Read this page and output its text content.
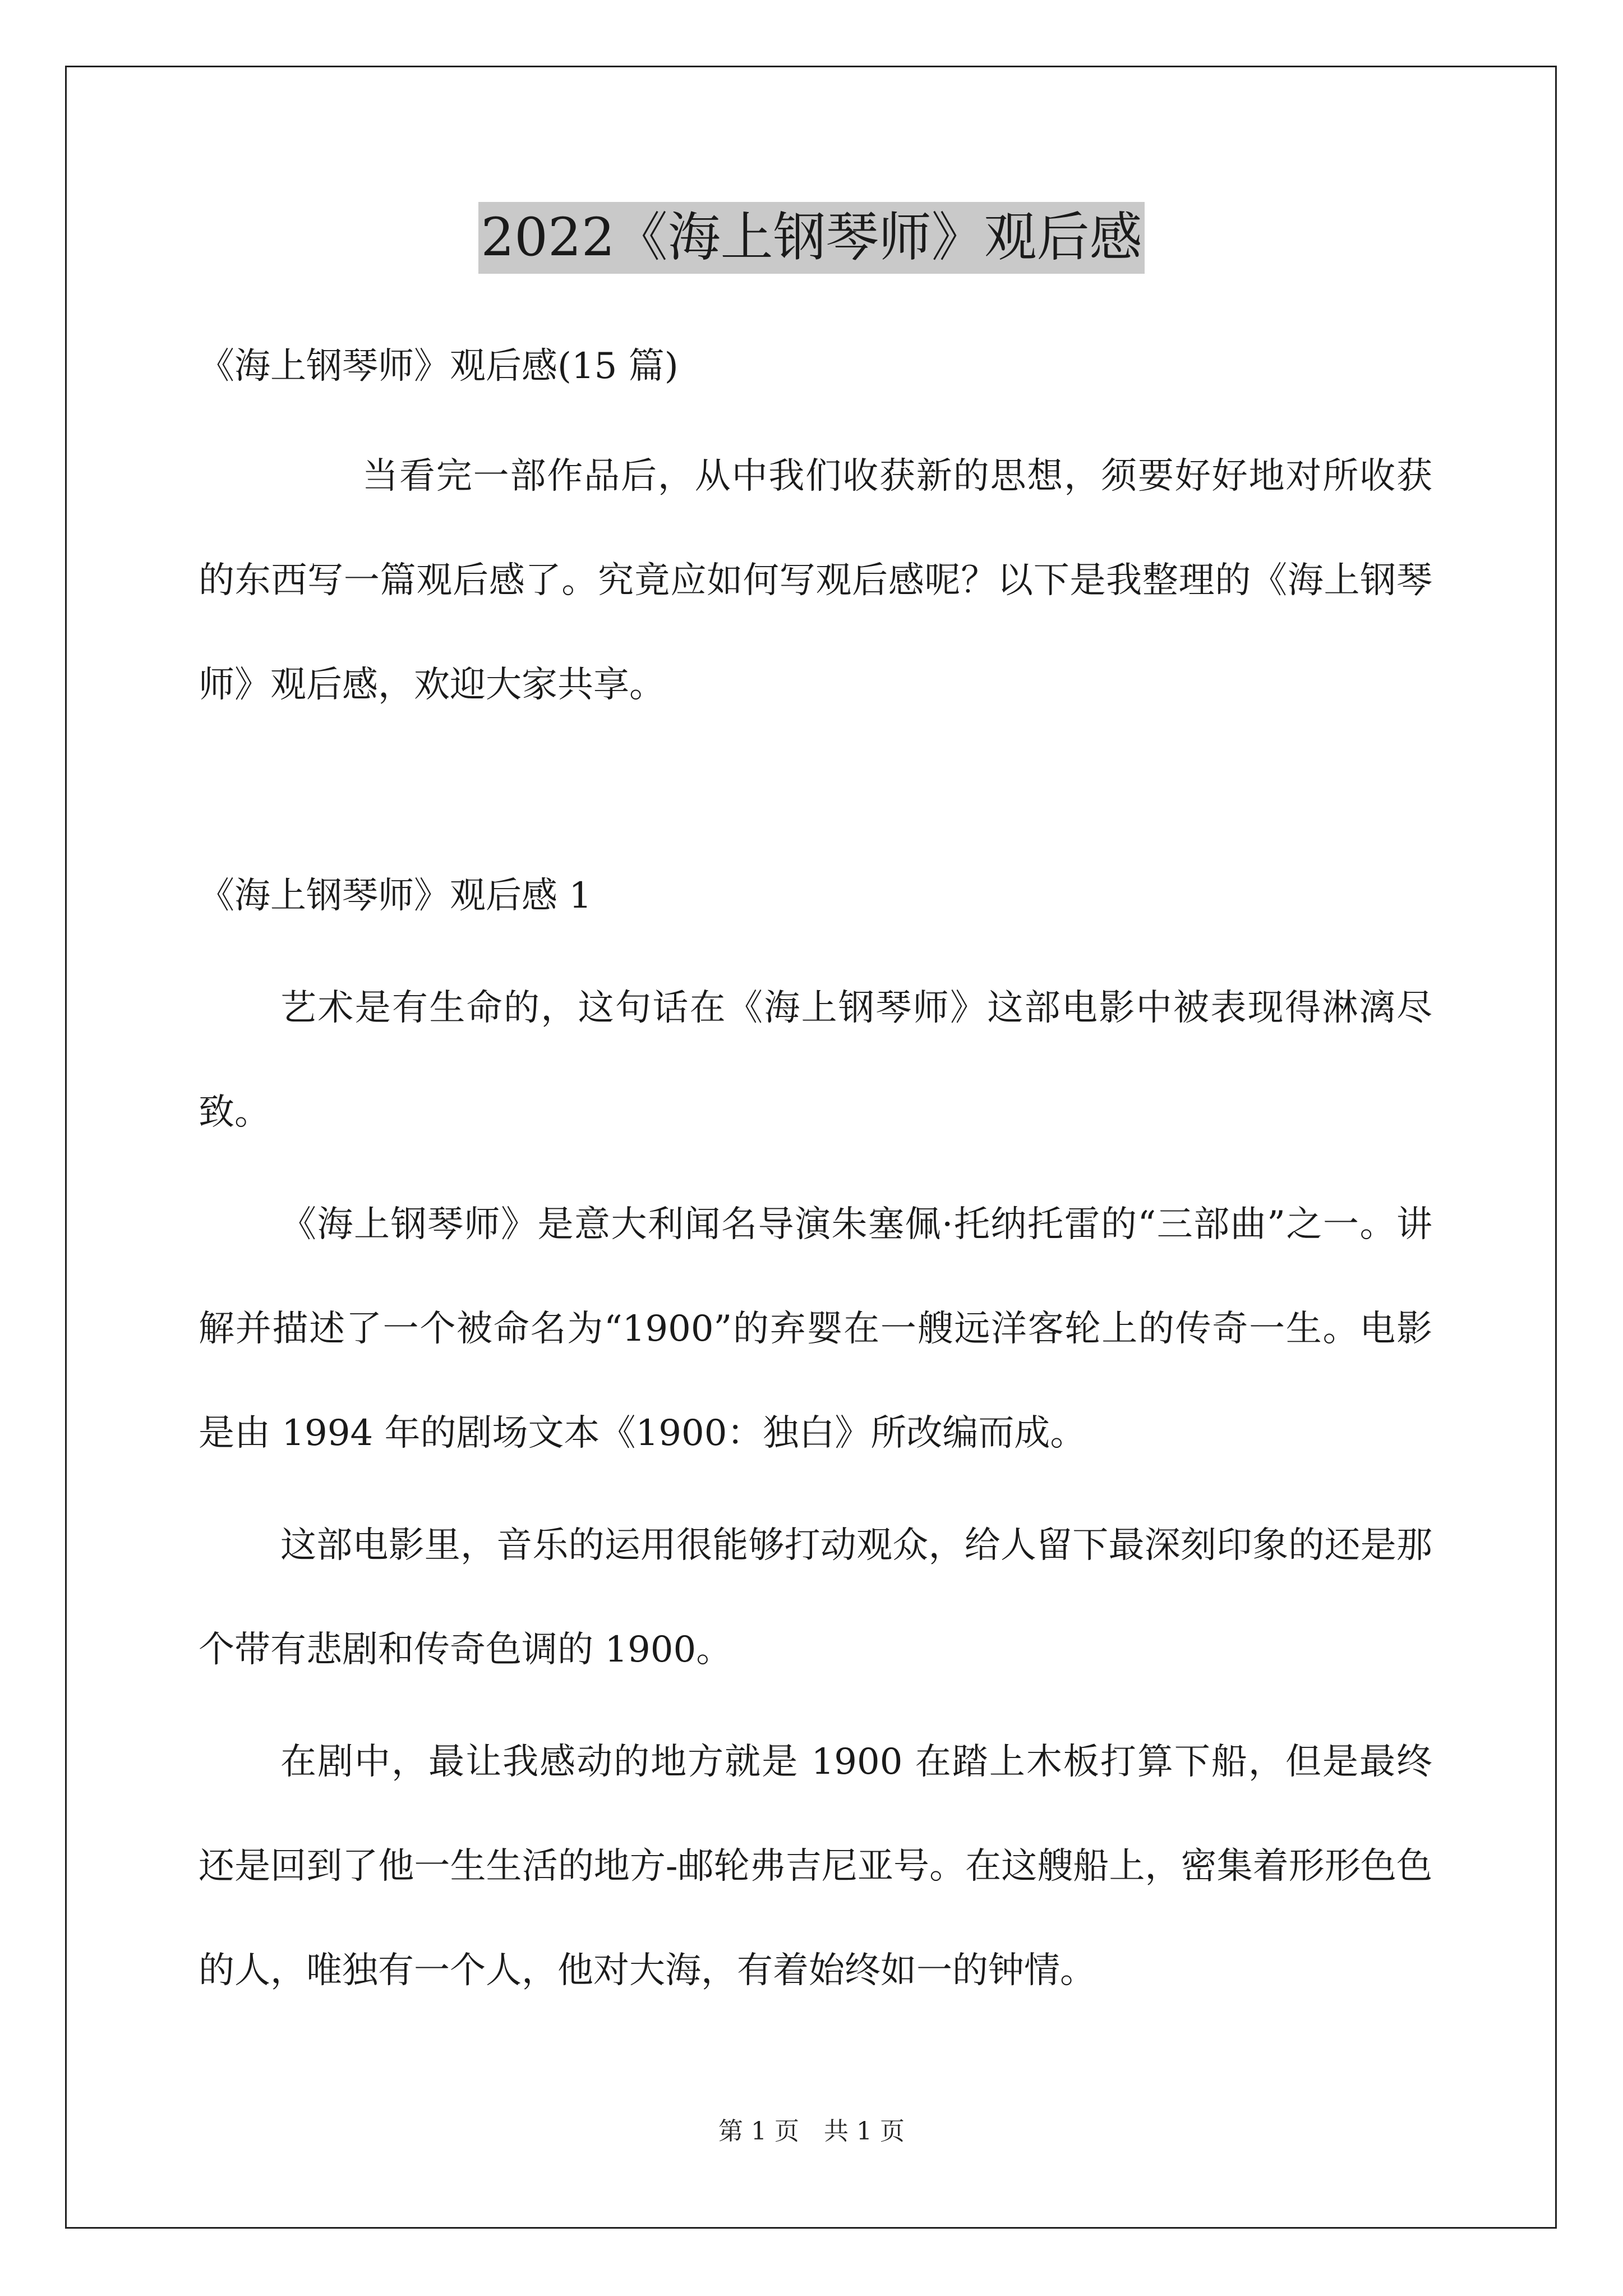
2022《海上钢琴师》观后感

《海上钢琴师》观后感(15 篇)

当看完一部作品后，从中我们收获新的思想，须要好好地对所收获的东西写一篇观后感了。究竟应如何写观后感呢？以下是我整理的《海上钢琴师》观后感，欢迎大家共享。

《海上钢琴师》观后感 1

艺术是有生命的，这句话在《海上钢琴师》这部电影中被表现得淋漓尽致。

《海上钢琴师》是意大利闻名导演朱塞佩·托纳托雷的“三部曲”之一。讲解并描述了一个被命名为“1900”的弃婴在一艘远洋客轮上的传奇一生。电影是由 1994 年的剧场文本《1900：独白》所改编而成。

这部电影里，音乐的运用很能够打动观众，给人留下最深刻印象的还是那个带有悲剧和传奇色调的 1900。

在剧中，最让我感动的地方就是 1900 在踏上木板打算下船，但是最终还是回到了他一生生活的地方-邮轮弗吉尼亚号。在这艘船上，密集着形形色色的人，唯独有一个人，他对大海，有着始终如一的钟情。

第 1 页 共 1 页
